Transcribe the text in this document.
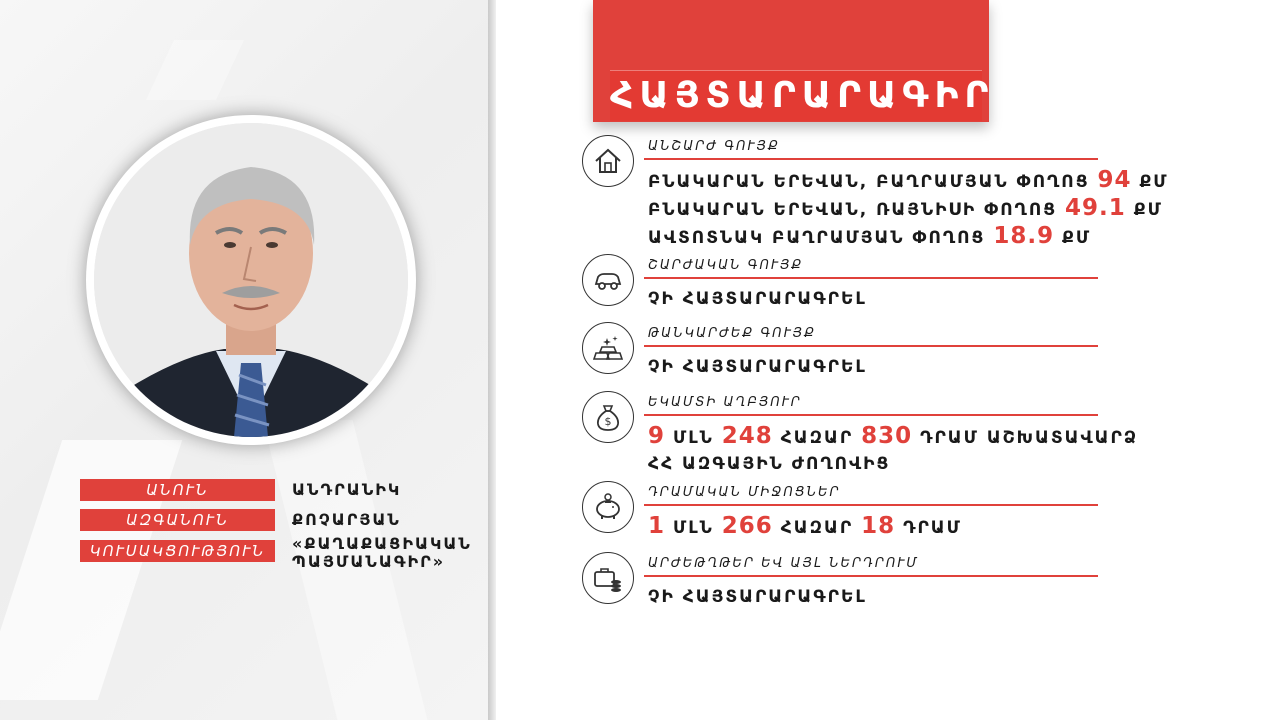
ԱՆՈՒՆ	ԱՆԴՐԱՆԻԿ
ԱԶԳԱՆՈՒՆ	ՔՈՉԱՐՅԱՆ
ԿՈՒՍԱԿՑՈՒԹՅՈՒՆ	«ՔԱՂԱՔԱՑԻԱԿԱՆ
ՊԱՅՄԱՆԱԳԻՐ»
ՀԱՅՏԱՐԱՐԱԳԻՐ
ԱՆՇԱՐԺ ԳՈՒՅՔ
ԲՆԱԿԱՐԱՆ ԵՐԵՎԱՆ, ԲԱՂՐԱՄՅԱՆ ՓՈՂՈՑ 94 ՔՄ
ԲՆԱԿԱՐԱՆ ԵՐԵՎԱՆ, ՌԱՅՆԻՍԻ ՓՈՂՈՑ 49.1 ՔՄ
ԱՎՏՈՏՆԱԿ ԲԱՂՐԱՄՅԱՆ ՓՈՂՈՑ 18.9 ՔՄ
ՇԱՐԺԱԿԱՆ ԳՈՒՅՔ
ՉԻ ՀԱՅՏԱՐԱՐԱԳՐԵԼ
ԹԱՆԿԱՐԺԵՔ ԳՈՒՅՔ
ՉԻ ՀԱՅՏԱՐԱՐԱԳՐԵԼ
$
ԵԿԱՄՏԻ ԱՂԲՅՈՒՐ
9 ՄԼՆ 248 ՀԱԶԱՐ 830 ԴՐԱՄ ԱՇԽԱՏԱՎԱՐՁ
ՀՀ ԱԶԳԱՅԻՆ ԺՈՂՈՎԻՑ
ԴՐԱՄԱԿԱՆ ՄԻՋՈՑՆԵՐ
1 ՄԼՆ 266 ՀԱԶԱՐ 18 ԴՐԱՄ
ԱՐԺԵԹՂԹԵՐ ԵՎ ԱՅԼ ՆԵՐԴՐՈՒՄ
ՉԻ ՀԱՅՏԱՐԱՐԱԳՐԵԼ
